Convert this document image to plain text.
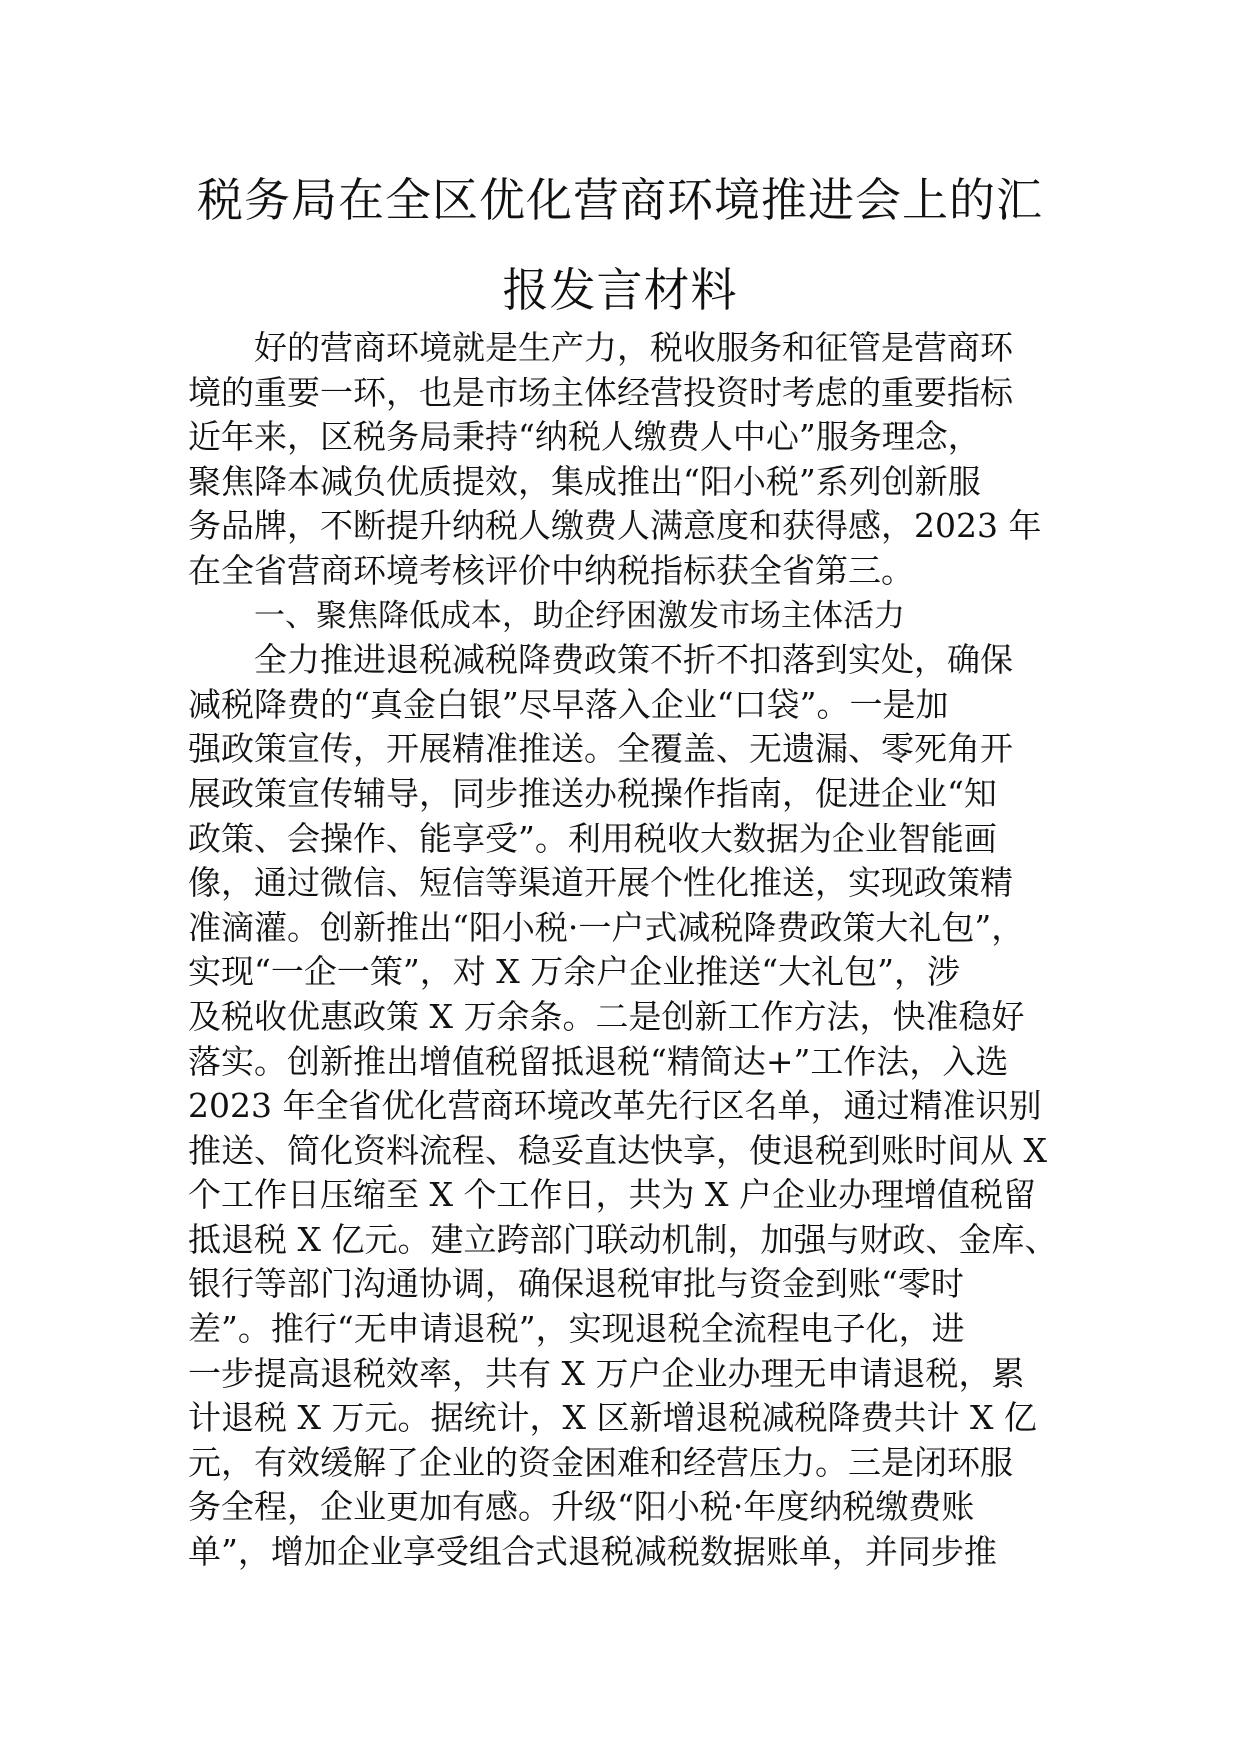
税务局在全区优化营商环境推进会上的汇
报发言材料
好的营商环境就是生产力，税收服务和征管是营商环
境的重要一环，也是市场主体经营投资时考虑的重要指标
近年来，区税务局秉持“纳税人缴费人中心”服务理念，
聚焦降本减负优质提效，集成推出“阳小税”系列创新服
务品牌，不断提升纳税人缴费人满意度和获得感，2023 年
在全省营商环境考核评价中纳税指标获全省第三。
一、聚焦降低成本，助企纾困激发市场主体活力
全力推进退税减税降费政策不折不扣落到实处，确保
减税降费的“真金白银”尽早落入企业“口袋”。一是加
强政策宣传，开展精准推送。全覆盖、无遗漏、零死角开
展政策宣传辅导，同步推送办税操作指南，促进企业“知
政策、会操作、能享受”。利用税收大数据为企业智能画
像，通过微信、短信等渠道开展个性化推送，实现政策精
准滴灌。创新推出“阳小税·一户式减税降费政策大礼包”，
实现“一企一策”，对 X 万余户企业推送“大礼包”，涉
及税收优惠政策 X 万余条。二是创新工作方法，快准稳好
落实。创新推出增值税留抵退税“精简达+”工作法，入选
2023 年全省优化营商环境改革先行区名单，通过精准识别
推送、简化资料流程、稳妥直达快享，使退税到账时间从 X
个工作日压缩至 X 个工作日，共为 X 户企业办理增值税留
抵退税 X 亿元。建立跨部门联动机制，加强与财政、金库、
银行等部门沟通协调，确保退税审批与资金到账“零时
差”。推行“无申请退税”，实现退税全流程电子化，进
一步提高退税效率，共有 X 万户企业办理无申请退税，累
计退税 X 万元。据统计，X 区新增退税减税降费共计 X 亿
元，有效缓解了企业的资金困难和经营压力。三是闭环服
务全程，企业更加有感。升级“阳小税·年度纳税缴费账
单”，增加企业享受组合式退税减税数据账单，并同步推
